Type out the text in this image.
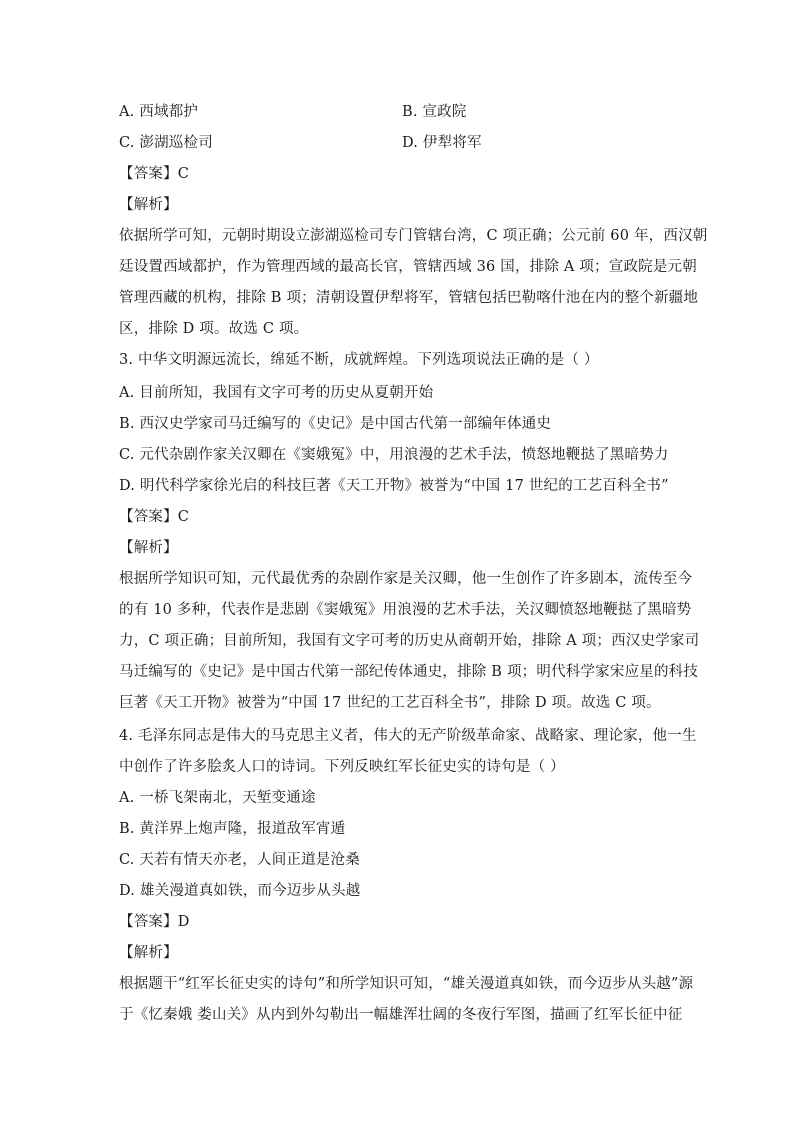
A. 西域都护	B. 宣政院
C. 澎湖巡检司	D. 伊犁将军
【答案】C
【解析】
依据所学可知，元朝时期设立澎湖巡检司专门管辖台湾，C 项正确；公元前 60 年，西汉朝
廷设置西域都护，作为管理西域的最高长官，管辖西域 36 国，排除 A 项；宣政院是元朝
管理西藏的机构，排除 B 项；清朝设置伊犁将军，管辖包括巴勒喀什池在内的整个新疆地
区，排除 D 项。故选 C 项。
3. 中华文明源远流长，绵延不断，成就辉煌。下列选项说法正确的是（ ）
A. 目前所知，我国有文字可考的历史从夏朝开始
B. 西汉史学家司马迁编写的《史记》是中国古代第一部编年体通史
C. 元代杂剧作家关汉卿在《窦娥冤》中，用浪漫的艺术手法，愤怒地鞭挞了黑暗势力
D. 明代科学家徐光启的科技巨著《天工开物》被誉为“中国 17 世纪的工艺百科全书”
【答案】C
【解析】
根据所学知识可知，元代最优秀的杂剧作家是关汉卿，他一生创作了许多剧本，流传至今
的有 10 多种，代表作是悲剧《窦娥冤》用浪漫的艺术手法，关汉卿愤怒地鞭挞了黑暗势
力，C 项正确；目前所知，我国有文字可考的历史从商朝开始，排除 A 项；西汉史学家司
马迁编写的《史记》是中国古代第一部纪传体通史，排除 B 项；明代科学家宋应星的科技
巨著《天工开物》被誉为“中国 17 世纪的工艺百科全书”，排除 D 项。故选 C 项。
4. 毛泽东同志是伟大的马克思主义者，伟大的无产阶级革命家、战略家、理论家，他一生
中创作了许多脍炙人口的诗词。下列反映红军长征史实的诗句是（ ）
A. 一桥飞架南北，天堑变通途
B. 黄洋界上炮声隆，报道敌军宵遁
C. 天若有情天亦老，人间正道是沧桑
D. 雄关漫道真如铁，而今迈步从头越
【答案】D
【解析】
根据题干“红军长征史实的诗句”和所学知识可知，“雄关漫道真如铁，而今迈步从头越”源
于《忆秦娥 娄山关》从内到外勾勒出一幅雄浑壮阔的冬夜行军图，描画了红军长征中征
